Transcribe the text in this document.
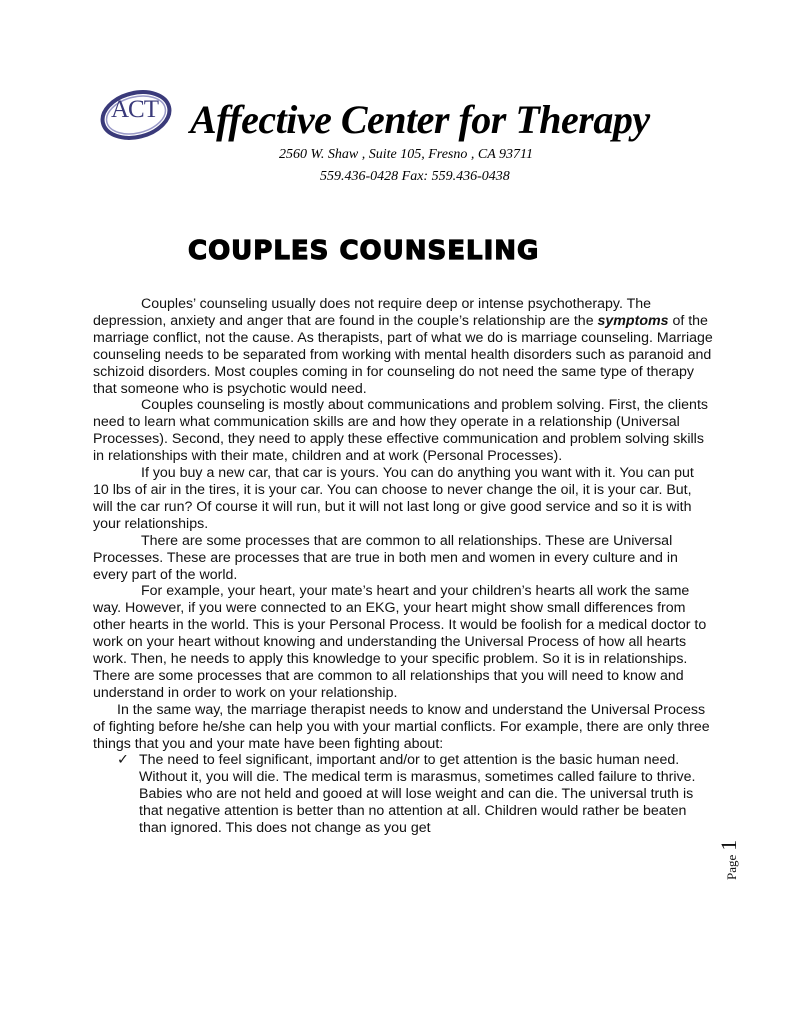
ACT Affective Center for Therapy
2560 W. Shaw , Suite 105, Fresno , CA 93711
559.436-0428 Fax: 559.436-0438
COUPLES COUNSELING

Couples’ counseling usually does not require deep or intense psychotherapy. The depression, anxiety and anger that are found in the couple’s relationship are the symptoms of the marriage conflict, not the cause. As therapists, part of what we do is marriage counseling. Marriage counseling needs to be separated from working with mental health disorders such as paranoid and schizoid disorders. Most couples coming in for counseling do not need the same type of therapy that someone who is psychotic would need.

Couples counseling is mostly about communications and problem solving. First, the clients need to learn what communication skills are and how they operate in a relationship (Universal Processes). Second, they need to apply these effective communication and problem solving skills in relationships with their mate, children and at work (Personal Processes).

If you buy a new car, that car is yours. You can do anything you want with it. You can put 10 lbs of air in the tires, it is your car. You can choose to never change the oil, it is your car. But, will the car run? Of course it will run, but it will not last long or give good service and so it is with your relationships.

There are some processes that are common to all relationships. These are Universal Processes. These are processes that are true in both men and women in every culture and in every part of the world.

For example, your heart, your mate’s heart and your children’s hearts all work the same way. However, if you were connected to an EKG, your heart might show small differences from other hearts in the world. This is your Personal Process. It would be foolish for a medical doctor to work on your heart without knowing and understanding the Universal Process of how all hearts work. Then, he needs to apply this knowledge to your specific problem. So it is in relationships. There are some processes that are common to all relationships that you will need to know and understand in order to work on your relationship.

In the same way, the marriage therapist needs to know and understand the Universal Process of fighting before he/she can help you with your martial conflicts. For example, there are only three things that you and your mate have been fighting about:

✓ The need to feel significant, important and/or to get attention is the basic human need. Without it, you will die. The medical term is marasmus, sometimes called failure to thrive. Babies who are not held and gooed at will lose weight and can die. The universal truth is that negative attention is better than no attention at all. Children would rather be beaten than ignored. This does not change as you get
Page 1
